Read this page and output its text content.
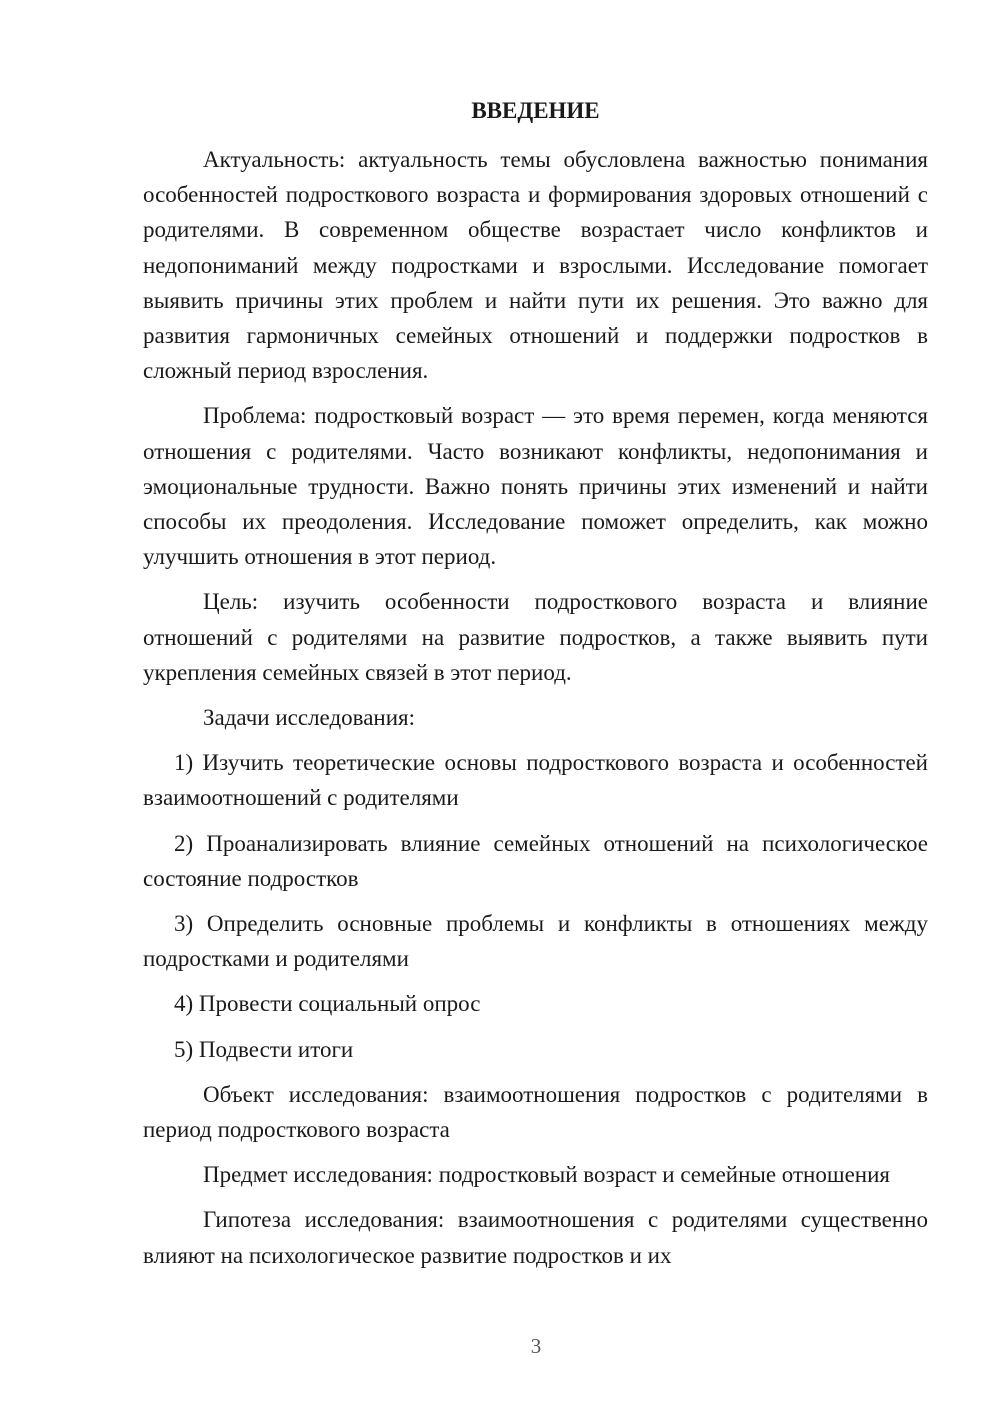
ВВЕДЕНИЕ

Актуальность: актуальность темы обусловлена важностью понимания особенностей подросткового возраста и формирования здоровых отношений с родителями. В современном обществе возрастает число конфликтов и недопониманий между подростками и взрослыми. Исследование помогает выявить причины этих проблем и найти пути их решения. Это важно для развития гармоничных семейных отношений и поддержки подростков в сложный период взросления.

Проблема: подростковый возраст — это время перемен, когда меняются отношения с родителями. Часто возникают конфликты, недопонимания и эмоциональные трудности. Важно понять причины этих изменений и найти способы их преодоления. Исследование поможет определить, как можно улучшить отношения в этот период.

Цель: изучить особенности подросткового возраста и влияние отношений с родителями на развитие подростков, а также выявить пути укрепления семейных связей в этот период.

Задачи исследования:

1) Изучить теоретические основы подросткового возраста и особенностей взаимоотношений с родителями

2) Проанализировать влияние семейных отношений на психологическое состояние подростков

3) Определить основные проблемы и конфликты в отношениях между подростками и родителями

4) Провести социальный опрос

5) Подвести итоги

Объект исследования: взаимоотношения подростков с родителями в период подросткового возраста

Предмет исследования: подростковый возраст и семейные отношения

Гипотеза исследования: взаимоотношения с родителями существенно влияют на психологическое развитие подростков и их

3
